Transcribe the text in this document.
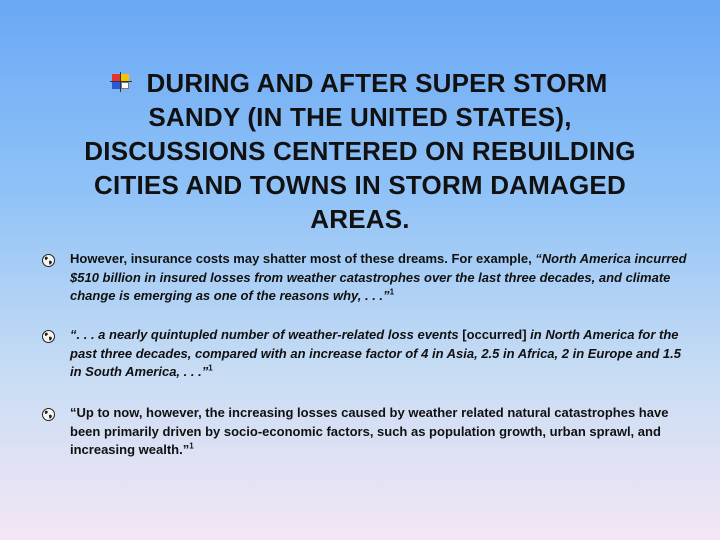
DURING AND AFTER SUPER STORM
SANDY (IN THE UNITED STATES),
DISCUSSIONS CENTERED ON REBUILDING
CITIES AND TOWNS IN STORM DAMAGED
AREAS.
However, insurance costs may shatter most of these dreams. For example, “North America incurred $510 billion in insured losses from weather catastrophes over the last three decades, and climate change is emerging as one of the reasons why, . . .”$^1$
“. . . a nearly quintupled number of weather-related loss events [occurred] in North America for the past three decades, compared with an increase factor of 4 in Asia, 2.5 in Africa, 2 in Europe and 1.5 in South America, . . .”$^1$
“Up to now, however, the increasing losses caused by weather related natural catastrophes have been primarily driven by socio-economic factors, such as population growth, urban sprawl, and increasing wealth.”$^1$
